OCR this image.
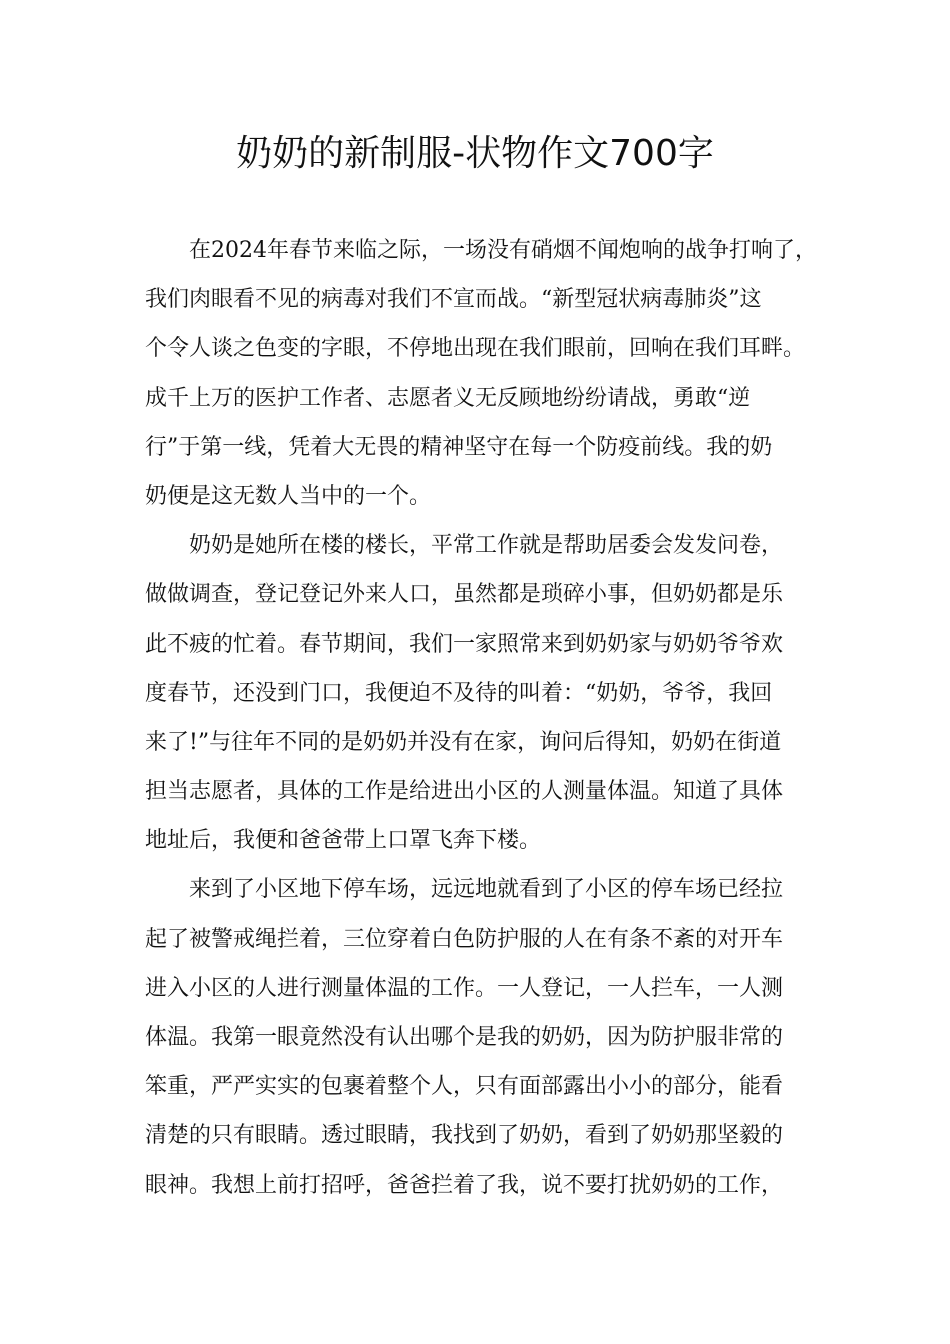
奶奶的新制服-状物作文700字
在2024年春节来临之际，一场没有硝烟不闻炮响的战争打响了，
我们肉眼看不见的病毒对我们不宣而战。“新型冠状病毒肺炎”这
个令人谈之色变的字眼，不停地出现在我们眼前，回响在我们耳畔。
成千上万的医护工作者、志愿者义无反顾地纷纷请战，勇敢“逆
行”于第一线，凭着大无畏的精神坚守在每一个防疫前线。我的奶
奶便是这无数人当中的一个。
奶奶是她所在楼的楼长，平常工作就是帮助居委会发发问卷，
做做调查，登记登记外来人口，虽然都是琐碎小事，但奶奶都是乐
此不疲的忙着。春节期间，我们一家照常来到奶奶家与奶奶爷爷欢
度春节，还没到门口，我便迫不及待的叫着：“奶奶，爷爷，我回
来了!”与往年不同的是奶奶并没有在家，询问后得知，奶奶在街道
担当志愿者，具体的工作是给进出小区的人测量体温。知道了具体
地址后，我便和爸爸带上口罩飞奔下楼。
来到了小区地下停车场，远远地就看到了小区的停车场已经拉
起了被警戒绳拦着，三位穿着白色防护服的人在有条不紊的对开车
进入小区的人进行测量体温的工作。一人登记，一人拦车，一人测
体温。我第一眼竟然没有认出哪个是我的奶奶，因为防护服非常的
笨重，严严实实的包裹着整个人，只有面部露出小小的部分，能看
清楚的只有眼睛。透过眼睛，我找到了奶奶，看到了奶奶那坚毅的
眼神。我想上前打招呼，爸爸拦着了我，说不要打扰奶奶的工作，
